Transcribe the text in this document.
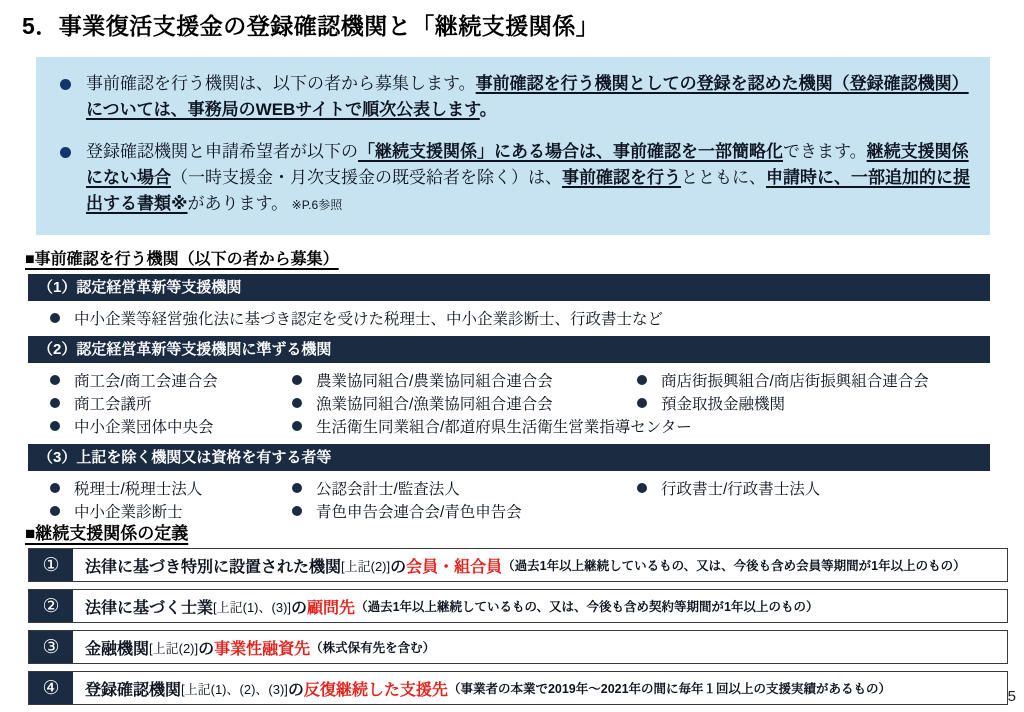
5．事業復活支援金の登録確認機関と「継続支援関係」
事前確認を行う機関は、以下の者から募集します。事前確認を行う機関としての登録を認めた機関（登録確認機関）については、事務局のWEBサイトで順次公表します。
登録確認機関と申請希望者が以下の「継続支援関係」にある場合は、事前確認を一部簡略化できます。継続支援関係にない場合（一時支援金・月次支援金の既受給者を除く）は、事前確認を行うとともに、申請時に、一部追加的に提出する書類※があります。　※P.6参照
■事前確認を行う機関（以下の者から募集）
（1）認定経営革新等支援機関
中小企業等経営強化法に基づき認定を受けた税理士、中小企業診断士、行政書士など
（2）認定経営革新等支援機関に準ずる機関
商工会/商工会連合会
商工会議所
中小企業団体中央会
農業協同組合/農業協同組合連合会
漁業協同組合/漁業協同組合連合会
生活衛生同業組合/都道府県生活衛生営業指導センター
商店街振興組合/商店街振興組合連合会
預金取扱金融機関
（3）上記を除く機関又は資格を有する者等
税理士/税理士法人
中小企業診断士
公認会計士/監査法人
青色申告会連合会/青色申告会
行政書士/行政書士法人
■継続支援関係の定義
①	法律に基づき特別に設置された機関 [上記(2)] の 会員・組合員 （過去1年以上継続しているもの、又は、今後も含め会員等期間が1年以上のもの）
②	法律に基づく士業 [上記(1)、(3)] の 顧問先 （過去1年以上継続しているもの、又は、今後も含め契約等期間が1年以上のもの）
③	金融機関 [上記(2)] の 事業性融資先 （株式保有先を含む）
④	登録確認機関 [上記(1)、(2)、(3)] の 反復継続した支援先 （事業者の本業で2019年～2021年の間に毎年１回以上の支援実績があるもの）	5
